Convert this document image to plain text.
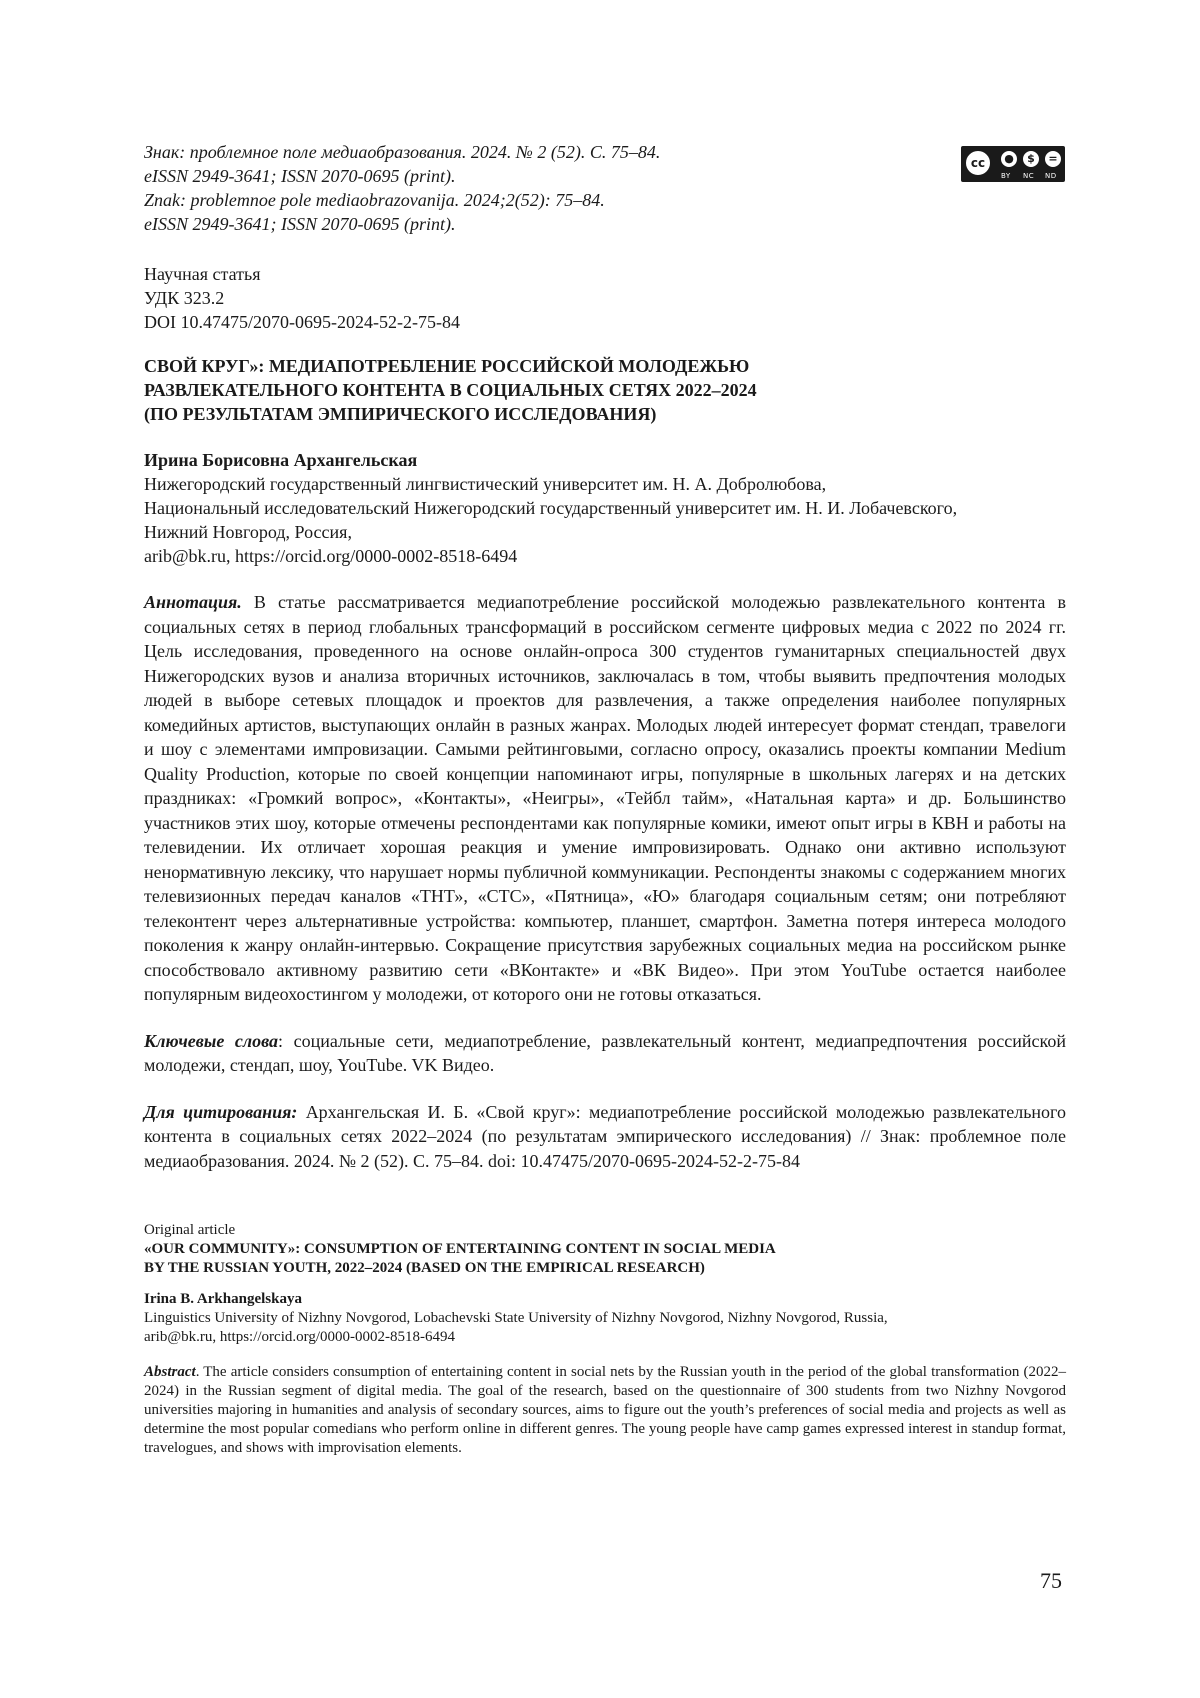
cc	●	$	=
BY NC ND
Знак: проблемное поле медиаобразования. 2024. № 2 (52). С. 75–84.
eISSN 2949-3641; ISSN 2070-0695 (print).
Znak: problemnoe pole mediaobrazovanija. 2024;2(52): 75–84.
eISSN 2949-3641; ISSN 2070-0695 (print).
Научная статья
УДК 323.2
DOI 10.47475/2070-0695-2024-52-2-75-84
СВОЙ КРУГ»: МЕДИАПОТРЕБЛЕНИЕ РОССИЙСКОЙ МОЛОДЕЖЬЮ
РАЗВЛЕКАТЕЛЬНОГО КОНТЕНТА В СОЦИАЛЬНЫХ СЕТЯХ 2022–2024
(ПО РЕЗУЛЬТАТАМ ЭМПИРИЧЕСКОГО ИССЛЕДОВАНИЯ)
Ирина Борисовна Архангельская
Нижегородский государственный лингвистический университет им. Н. А. Добролюбова,
Национальный исследовательский Нижегородский государственный университет им. Н. И. Лобачевского,
Нижний Новгород, Россия,
arib@bk.ru, https://orcid.org/0000-0002-8518-6494
Аннотация. В статье рассматривается медиапотребление российской молодежью развлекательного контента в социальных сетях в период глобальных трансформаций в российском сегменте цифровых медиа с 2022 по 2024 гг. Цель исследования, проведенного на основе онлайн-опроса 300 студентов гуманитарных специальностей двух Нижегородских вузов и анализа вторичных источников, заключалась в том, чтобы выявить предпочтения молодых людей в выборе сетевых площадок и проектов для развлечения, а также определения наиболее популярных комедийных артистов, выступающих онлайн в разных жанрах. Молодых людей интересует формат стендап, травелоги и шоу с элементами импровизации. Самыми рейтинговыми, согласно опросу, оказались проекты компании Medium Quality Production, которые по своей концепции напоминают игры, популярные в школьных лагерях и на детских праздниках: «Громкий вопрос», «Контакты», «Неигры», «Тейбл тайм», «Натальная карта» и др. Большинство участников этих шоу, которые отмечены респондентами как популярные комики, имеют опыт игры в КВН и работы на телевидении. Их отличает хорошая реакция и умение импровизировать. Однако они активно используют ненормативную лексику, что нарушает нормы публичной коммуникации. Респонденты знакомы с содержанием многих телевизионных передач каналов «ТНТ», «СТС», «Пятница», «Ю» благодаря социальным сетям; они потребляют телеконтент через альтернативные устройства: компьютер, планшет, смартфон. Заметна потеря интереса молодого поколения к жанру онлайн-интервью. Сокращение присутствия зарубежных социальных медиа на российском рынке способствовало активному развитию сети «ВКонтакте» и «ВК Видео». При этом YouTube остается наиболее популярным видеохостингом у молодежи, от которого они не готовы отказаться.
Ключевые слова: социальные сети, медиапотребление, развлекательный контент, медиапредпочтения российской молодежи, стендап, шоу, YouTube. VK Видео.
Для цитирования: Архангельская И. Б. «Свой круг»: медиапотребление российской молодежью развлекательного контента в социальных сетях 2022–2024 (по результатам эмпирического исследования) // Знак: проблемное поле медиаобразования. 2024. № 2 (52). С. 75–84. doi: 10.47475/2070-0695-2024-52-2-75-84
Original article
«OUR COMMUNITY»: CONSUMPTION OF ENTERTAINING CONTENT IN SOCIAL MEDIA
BY THE RUSSIAN YOUTH, 2022–2024 (BASED ON THE EMPIRICAL RESEARCH)
Irina B. Arkhangelskaya
Linguistics University of Nizhny Novgorod, Lobachevski State University of Nizhny Novgorod, Nizhny Novgorod, Russia,
arib@bk.ru, https://orcid.org/0000-0002-8518-6494
Abstract. The article considers consumption of entertaining content in social nets by the Russian youth in the period of the global transformation (2022–2024) in the Russian segment of digital media. The goal of the research, based on the questionnaire of 300 students from two Nizhny Novgorod universities majoring in humanities and analysis of secondary sources, aims to figure out the youth’s preferences of social media and projects as well as determine the most popular comedians who perform online in different genres. The young people have camp games expressed interest in standup format, travelogues, and shows with improvisation elements.
75
